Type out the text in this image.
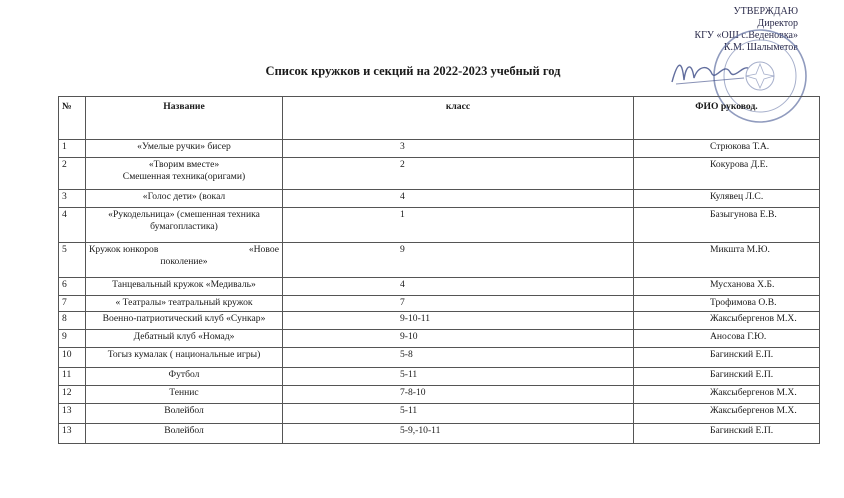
УТВЕРЖДАЮ
Директор
КГУ «ОШ с.Веденовка»
К.М. Шалыметов
Список кружков и секций на 2022-2023 учебный год
№	Название	класс	ФИО руковод.
1	«Умелые ручки» бисер	3	Стрюкова Т.А.
2	«Творим вместе»
Смешенная техника(оригами)	2	Кокурова Д.Е.
3	«Голос дети» (вокал	4	Кулявец Л.С.
4	«Рукодельница» (смешенная техника
бумагопластика)	1	Базыгунова Е.В.
5	Кружок юнкоров «Новое
поколение»	9	Микшта М.Ю.
6	Танцевальный кружок «Медиваль»	4	Мусханова Х.Б.
7	« Театралы» театральный кружок	7	Трофимова О.В.
8	Военно-патриотический клуб «Сункар»	9-10-11	Жаксыбергенов М.Х.
9	Дебатный клуб «Номад»	9-10	Аносова Г.Ю.
10	Тогыз кумалак ( национальные игры)	5-8	Багинский Е.П.
11	Футбол	5-11	Багинский Е.П.
12	Теннис	7-8-10	Жаксыбергенов М.Х.
13	Волейбол	5-11	Жаксыбергенов М.Х.
13	Волейбол	5-9,-10-11	Багинский Е.П.
